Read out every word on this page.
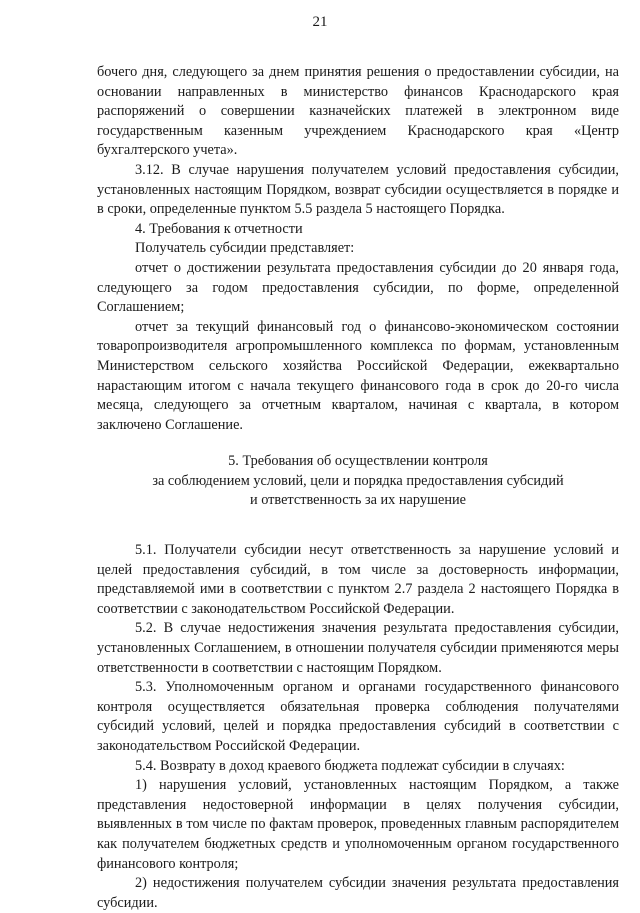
21

бочего дня, следующего за днем принятия решения о предоставлении субсидии, на основании направленных в министерство финансов Краснодарского края распоряжений о совершении казначейских платежей в электронном виде государственным казенным учреждением Краснодарского края «Центр бухгалтерского учета».

3.12. В случае нарушения получателем условий предоставления субсидии, установленных настоящим Порядком, возврат субсидии осуществляется в порядке и в сроки, определенные пунктом 5.5 раздела 5 настоящего Порядка.

4. Требования к отчетности

Получатель субсидии представляет:

отчет о достижении результата предоставления субсидии до 20 января года, следующего за годом предоставления субсидии, по форме, определенной Соглашением;

отчет за текущий финансовый год о финансово-экономическом состоянии товаропроизводителя агропромышленного комплекса по формам, установленным Министерством сельского хозяйства Российской Федерации, ежеквартально нарастающим итогом с начала текущего финансового года в срок до 20-го числа месяца, следующего за отчетным кварталом, начиная с квартала, в котором заключено Соглашение.

5. Требования об осуществлении контроля
за соблюдением условий, цели и порядка предоставления субсидий
и ответственность за их нарушение

5.1. Получатели субсидии несут ответственность за нарушение условий и целей предоставления субсидий, в том числе за достоверность информации, представляемой ими в соответствии с пунктом 2.7 раздела 2 настоящего Порядка в соответствии с законодательством Российской Федерации.

5.2. В случае недостижения значения результата предоставления субсидии, установленных Соглашением, в отношении получателя субсидии применяются меры ответственности в соответствии с настоящим Порядком.

5.3. Уполномоченным органом и органами государственного финансового контроля осуществляется обязательная проверка соблюдения получателями субсидий условий, целей и порядка предоставления субсидий в соответствии с законодательством Российской Федерации.

5.4. Возврату в доход краевого бюджета подлежат субсидии в случаях:

1) нарушения условий, установленных настоящим Порядком, а также представления недостоверной информации в целях получения субсидии, выявленных в том числе по фактам проверок, проведенных главным распорядителем как получателем бюджетных средств и уполномоченным органом государственного финансового контроля;

2) недостижения получателем субсидии значения результата предоставления субсидии.
